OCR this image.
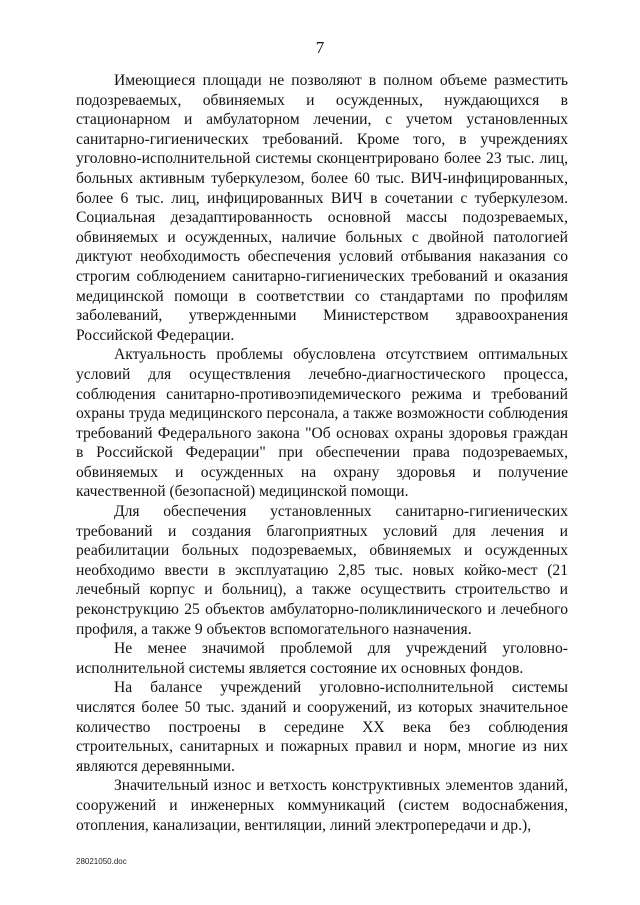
7

Имеющиеся площади не позволяют в полном объеме разместить подозреваемых, обвиняемых и осужденных, нуждающихся в стационарном и амбулаторном лечении, с учетом установленных санитарно-гигиенических требований. Кроме того, в учреждениях уголовно-исполнительной системы сконцентрировано более 23 тыс. лиц, больных активным туберкулезом, более 60 тыс. ВИЧ-инфицированных, более 6 тыс. лиц, инфицированных ВИЧ в сочетании с туберкулезом. Социальная дезадаптированность основной массы подозреваемых, обвиняемых и осужденных, наличие больных с двойной патологией диктуют необходимость обеспечения условий отбывания наказания со строгим соблюдением санитарно-гигиенических требований и оказания медицинской помощи в соответствии со стандартами по профилям заболеваний, утвержденными Министерством здравоохранения Российской Федерации.

Актуальность проблемы обусловлена отсутствием оптимальных условий для осуществления лечебно-диагностического процесса, соблюдения санитарно-противоэпидемического режима и требований охраны труда медицинского персонала, а также возможности соблюдения требований Федерального закона "Об основах охраны здоровья граждан в Российской Федерации" при обеспечении права подозреваемых, обвиняемых и осужденных на охрану здоровья и получение качественной (безопасной) медицинской помощи.

Для обеспечения установленных санитарно-гигиенических требований и создания благоприятных условий для лечения и реабилитации больных подозреваемых, обвиняемых и осужденных необходимо ввести в эксплуатацию 2,85 тыс. новых койко-мест (21 лечебный корпус и больниц), а также осуществить строительство и реконструкцию 25 объектов амбулаторно-поликлинического и лечебного профиля, а также 9 объектов вспомогательного назначения.

Не менее значимой проблемой для учреждений уголовно-исполнительной системы является состояние их основных фондов.

На балансе учреждений уголовно-исполнительной системы числятся более 50 тыс. зданий и сооружений, из которых значительное количество построены в середине XX века без соблюдения строительных, санитарных и пожарных правил и норм, многие из них являются деревянными.

Значительный износ и ветхость конструктивных элементов зданий, сооружений и инженерных коммуникаций (систем водоснабжения, отопления, канализации, вентиляции, линий электропередачи и др.),

28021050.doc
